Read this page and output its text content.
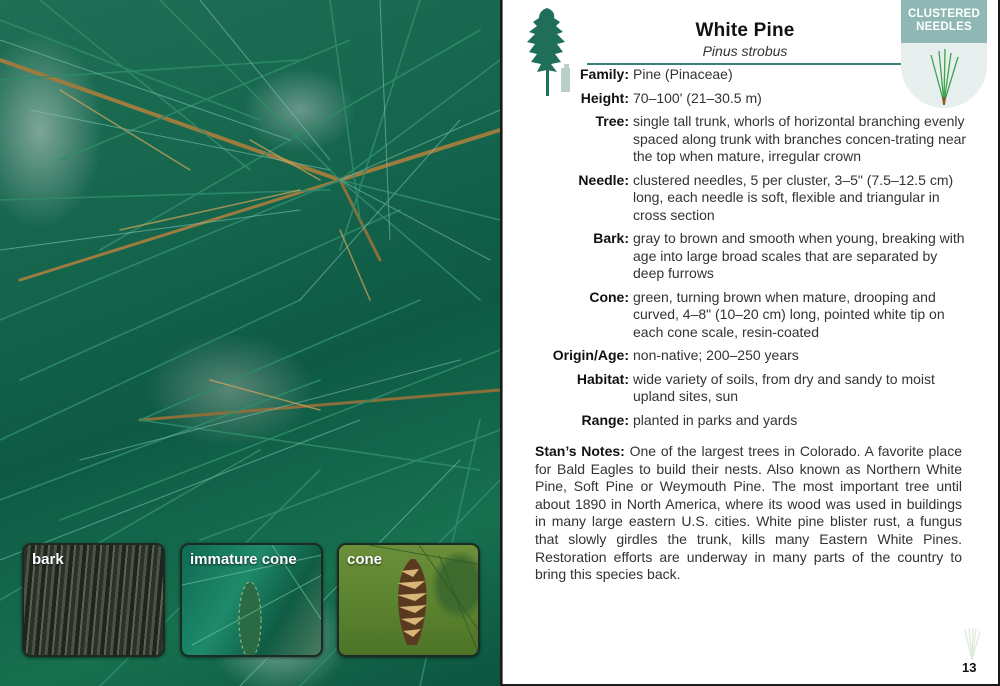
bark	immature cone	cone
White Pine
Pinus strobus
CLUSTERED
NEEDLES
Family: Pine (Pinaceae)
Height: 70–100' (21–30.5 m)
Tree: single tall trunk, whorls of horizontal branching evenly spaced along trunk with branches concen-trating near the top when mature, irregular crown
Needle: clustered needles, 5 per cluster, 3–5" (7.5–12.5 cm) long, each needle is soft, flexible and triangular in cross section
Bark: gray to brown and smooth when young, breaking with age into large broad scales that are separated by deep furrows
Cone: green, turning brown when mature, drooping and curved, 4–8" (10–20 cm) long, pointed white tip on each cone scale, resin-coated
Origin/Age: non-native; 200–250 years
Habitat: wide variety of soils, from dry and sandy to moist upland sites, sun
Range: planted in parks and yards
Stan’s Notes: One of the largest trees in Colorado. A favorite place for Bald Eagles to build their nests. Also known as Northern White Pine, Soft Pine or Weymouth Pine. The most important tree until about 1890 in North America, where its wood was used in buildings in many large eastern U.S. cities. White pine blister rust, a fungus that slowly girdles the trunk, kills many Eastern White Pines. Restoration efforts are underway in many parts of the country to bring this species back.
13
